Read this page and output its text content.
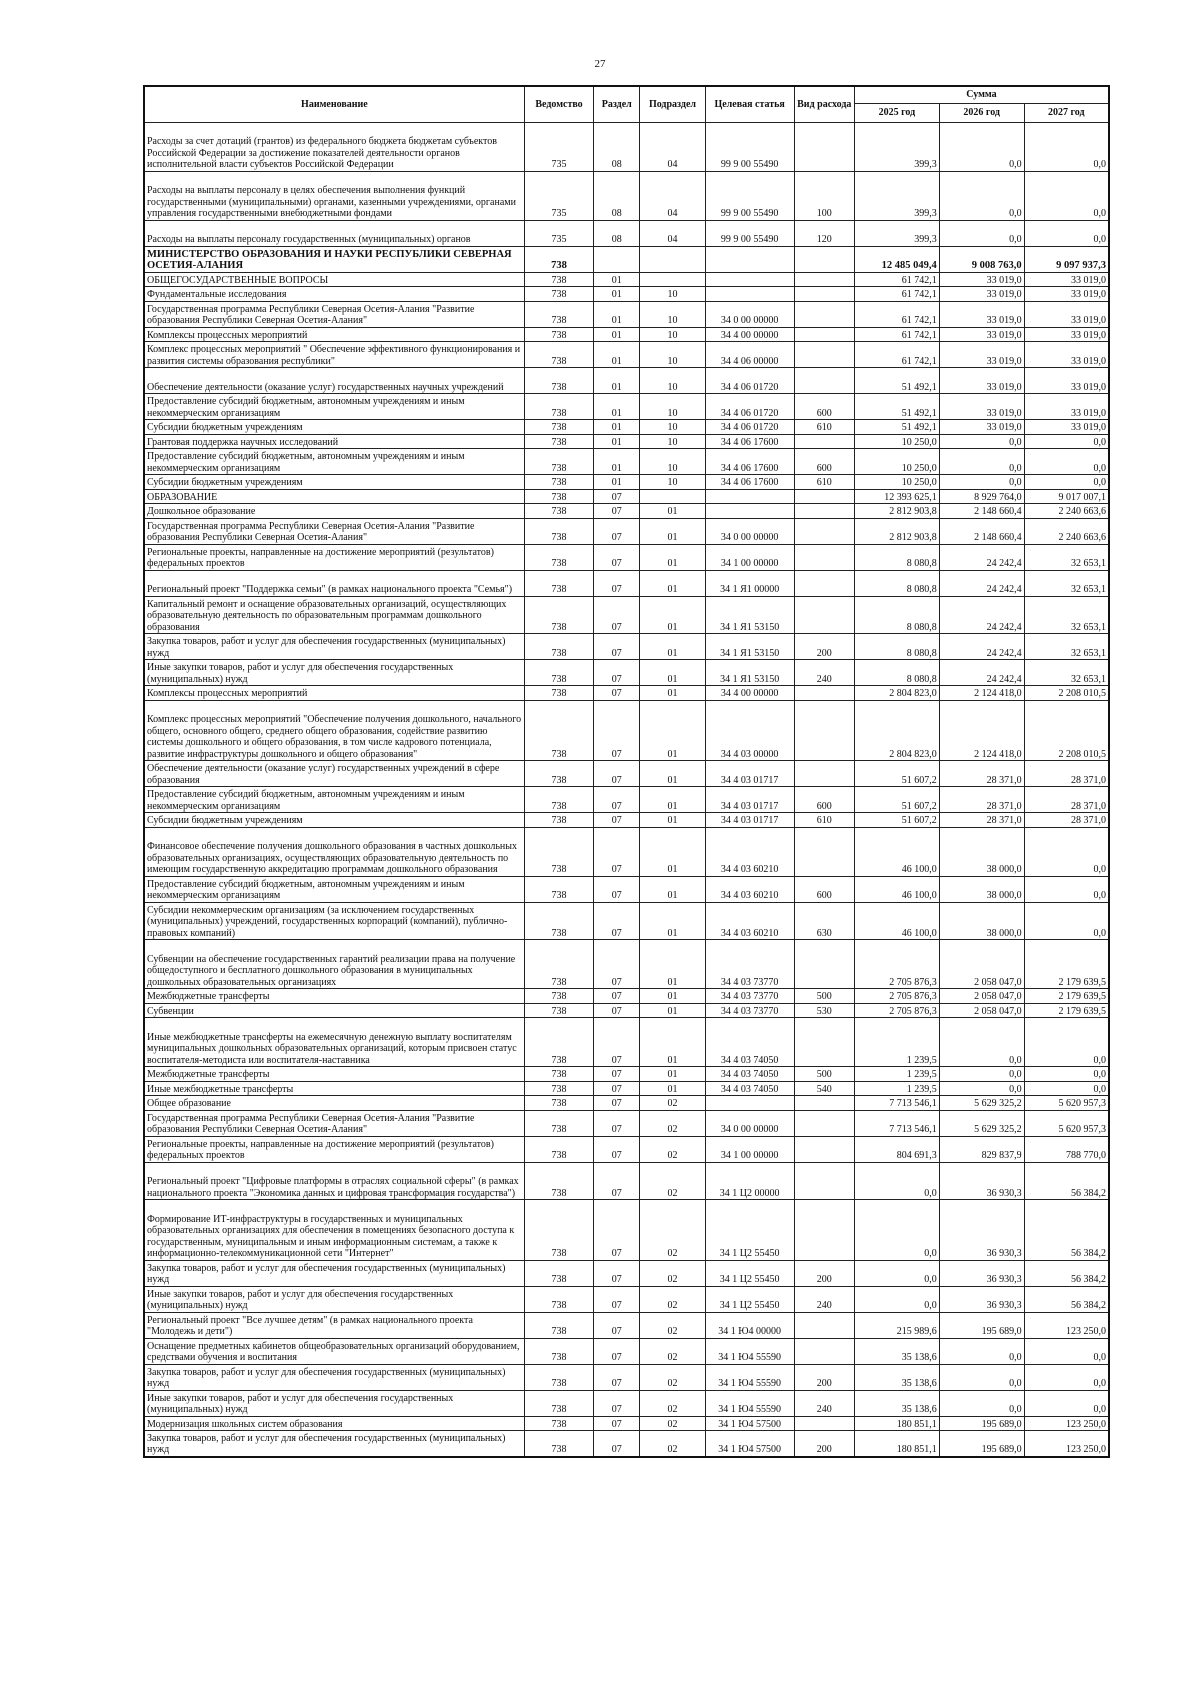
27
Наименование	Ведомство	Раздел	Подраздел	Целевая статья	Вид расхода	Сумма		
						2025 год	2026 год	2027 год
Расходы за счет дотаций (грантов) из федерального бюджета бюджетам субъектов Российской Федерации за достижение показателей деятельности органов исполнительной власти субъектов Российской Федерации	735	08	04	99 9 00 55490		399,3	0,0	0,0
Расходы на выплаты персоналу в целях обеспечения выполнения функций государственными (муниципальными) органами, казенными учреждениями, органами управления государственными внебюджетными фондами	735	08	04	99 9 00 55490	100	399,3	0,0	0,0
Расходы на выплаты персоналу государственных (муниципальных) органов	735	08	04	99 9 00 55490	120	399,3	0,0	0,0
МИНИСТЕРСТВО ОБРАЗОВАНИЯ И НАУКИ РЕСПУБЛИКИ СЕВЕРНАЯ ОСЕТИЯ-АЛАНИЯ	738					12 485 049,4	9 008 763,0	9 097 937,3
ОБЩЕГОСУДАРСТВЕННЫЕ ВОПРОСЫ	738	01				61 742,1	33 019,0	33 019,0
Фундаментальные исследования	738	01	10			61 742,1	33 019,0	33 019,0
Государственная программа Республики Северная Осетия-Алания "Развитие образования Республики Северная Осетия-Алания"	738	01	10	34 0 00 00000		61 742,1	33 019,0	33 019,0
Комплексы процессных мероприятий	738	01	10	34 4 00 00000		61 742,1	33 019,0	33 019,0
Комплекс процессных мероприятий " Обеспечение эффективного функционирования и развития системы образования республики"	738	01	10	34 4 06 00000		61 742,1	33 019,0	33 019,0
Обеспечение деятельности (оказание услуг) государственных научных учреждений	738	01	10	34 4 06 01720		51 492,1	33 019,0	33 019,0
Предоставление субсидий бюджетным, автономным учреждениям и иным некоммерческим организациям	738	01	10	34 4 06 01720	600	51 492,1	33 019,0	33 019,0
Субсидии бюджетным учреждениям	738	01	10	34 4 06 01720	610	51 492,1	33 019,0	33 019,0
Грантовая поддержка научных исследований	738	01	10	34 4 06 17600		10 250,0	0,0	0,0
Предоставление субсидий бюджетным, автономным учреждениям и иным некоммерческим организациям	738	01	10	34 4 06 17600	600	10 250,0	0,0	0,0
Субсидии бюджетным учреждениям	738	01	10	34 4 06 17600	610	10 250,0	0,0	0,0
ОБРАЗОВАНИЕ	738	07				12 393 625,1	8 929 764,0	9 017 007,1
Дошкольное образование	738	07	01			2 812 903,8	2 148 660,4	2 240 663,6
Государственная программа Республики Северная Осетия-Алания "Развитие образования Республики Северная Осетия-Алания"	738	07	01	34 0 00 00000		2 812 903,8	2 148 660,4	2 240 663,6
Региональные проекты, направленные на достижение мероприятий (результатов) федеральных проектов	738	07	01	34 1 00 00000		8 080,8	24 242,4	32 653,1
Региональный проект "Поддержка семьи" (в рамках национального проекта "Семья")	738	07	01	34 1 Я1 00000		8 080,8	24 242,4	32 653,1
Капитальный ремонт и оснащение образовательных организаций, осуществляющих образовательную деятельность по образовательным программам дошкольного образования	738	07	01	34 1 Я1 53150		8 080,8	24 242,4	32 653,1
Закупка товаров, работ и услуг для обеспечения государственных (муниципальных) нужд	738	07	01	34 1 Я1 53150	200	8 080,8	24 242,4	32 653,1
Иные закупки товаров, работ и услуг для обеспечения государственных (муниципальных) нужд	738	07	01	34 1 Я1 53150	240	8 080,8	24 242,4	32 653,1
Комплексы процессных мероприятий	738	07	01	34 4 00 00000		2 804 823,0	2 124 418,0	2 208 010,5
Комплекс процессных мероприятий "Обеспечение получения дошкольного, начального общего, основного общего, среднего общего образования, содействие развитию системы дошкольного и общего образования, в том числе кадрового потенциала, развитие инфраструктуры дошкольного и общего образования"	738	07	01	34 4 03 00000		2 804 823,0	2 124 418,0	2 208 010,5
Обеспечение деятельности (оказание услуг) государственных учреждений в сфере образования	738	07	01	34 4 03 01717		51 607,2	28 371,0	28 371,0
Предоставление субсидий бюджетным, автономным учреждениям и иным некоммерческим организациям	738	07	01	34 4 03 01717	600	51 607,2	28 371,0	28 371,0
Субсидии бюджетным учреждениям	738	07	01	34 4 03 01717	610	51 607,2	28 371,0	28 371,0
Финансовое обеспечение получения дошкольного образования в частных дошкольных образовательных организациях, осуществляющих образовательную деятельность по имеющим государственную аккредитацию программам дошкольного образования	738	07	01	34 4 03 60210		46 100,0	38 000,0	0,0
Предоставление субсидий бюджетным, автономным учреждениям и иным некоммерческим организациям	738	07	01	34 4 03 60210	600	46 100,0	38 000,0	0,0
Субсидии некоммерческим организациям (за исключением государственных (муниципальных) учреждений, государственных корпораций (компаний), публично-правовых компаний)	738	07	01	34 4 03 60210	630	46 100,0	38 000,0	0,0
Субвенции на обеспечение государственных гарантий реализации права на получение общедоступного и бесплатного дошкольного образования в муниципальных дошкольных образовательных организациях	738	07	01	34 4 03 73770		2 705 876,3	2 058 047,0	2 179 639,5
Межбюджетные трансферты	738	07	01	34 4 03 73770	500	2 705 876,3	2 058 047,0	2 179 639,5
Субвенции	738	07	01	34 4 03 73770	530	2 705 876,3	2 058 047,0	2 179 639,5
Иные межбюджетные трансферты на ежемесячную денежную выплату воспитателям муниципальных дошкольных образовательных организаций, которым присвоен статус воспитателя-методиста или воспитателя-наставника	738	07	01	34 4 03 74050		1 239,5	0,0	0,0
Межбюджетные трансферты	738	07	01	34 4 03 74050	500	1 239,5	0,0	0,0
Иные межбюджетные трансферты	738	07	01	34 4 03 74050	540	1 239,5	0,0	0,0
Общее образование	738	07	02			7 713 546,1	5 629 325,2	5 620 957,3
Государственная программа Республики Северная Осетия-Алания "Развитие образования Республики Северная Осетия-Алания"	738	07	02	34 0 00 00000		7 713 546,1	5 629 325,2	5 620 957,3
Региональные проекты, направленные на достижение мероприятий (результатов) федеральных проектов	738	07	02	34 1 00 00000		804 691,3	829 837,9	788 770,0
Региональный проект "Цифровые платформы в отраслях социальной сферы" (в рамках национального проекта "Экономика данных и цифровая трансформация государства")	738	07	02	34 1 Ц2 00000		0,0	36 930,3	56 384,2
Формирование ИТ-инфраструктуры в государственных и муниципальных образовательных организациях для обеспечения в помещениях безопасного доступа к государственным, муниципальным и иным информационным системам, а также к информационно-телекоммуникационной сети "Интернет"	738	07	02	34 1 Ц2 55450		0,0	36 930,3	56 384,2
Закупка товаров, работ и услуг для обеспечения государственных (муниципальных) нужд	738	07	02	34 1 Ц2 55450	200	0,0	36 930,3	56 384,2
Иные закупки товаров, работ и услуг для обеспечения государственных (муниципальных) нужд	738	07	02	34 1 Ц2 55450	240	0,0	36 930,3	56 384,2
Региональный проект "Все лучшее детям" (в рамках национального проекта "Молодежь и дети")	738	07	02	34 1 Ю4 00000		215 989,6	195 689,0	123 250,0
Оснащение предметных кабинетов общеобразовательных организаций оборудованием, средствами обучения и воспитания	738	07	02	34 1 Ю4 55590		35 138,6	0,0	0,0
Закупка товаров, работ и услуг для обеспечения государственных (муниципальных) нужд	738	07	02	34 1 Ю4 55590	200	35 138,6	0,0	0,0
Иные закупки товаров, работ и услуг для обеспечения государственных (муниципальных) нужд	738	07	02	34 1 Ю4 55590	240	35 138,6	0,0	0,0
Модернизация школьных систем образования	738	07	02	34 1 Ю4 57500		180 851,1	195 689,0	123 250,0
Закупка товаров, работ и услуг для обеспечения государственных (муниципальных) нужд	738	07	02	34 1 Ю4 57500	200	180 851,1	195 689,0	123 250,0
